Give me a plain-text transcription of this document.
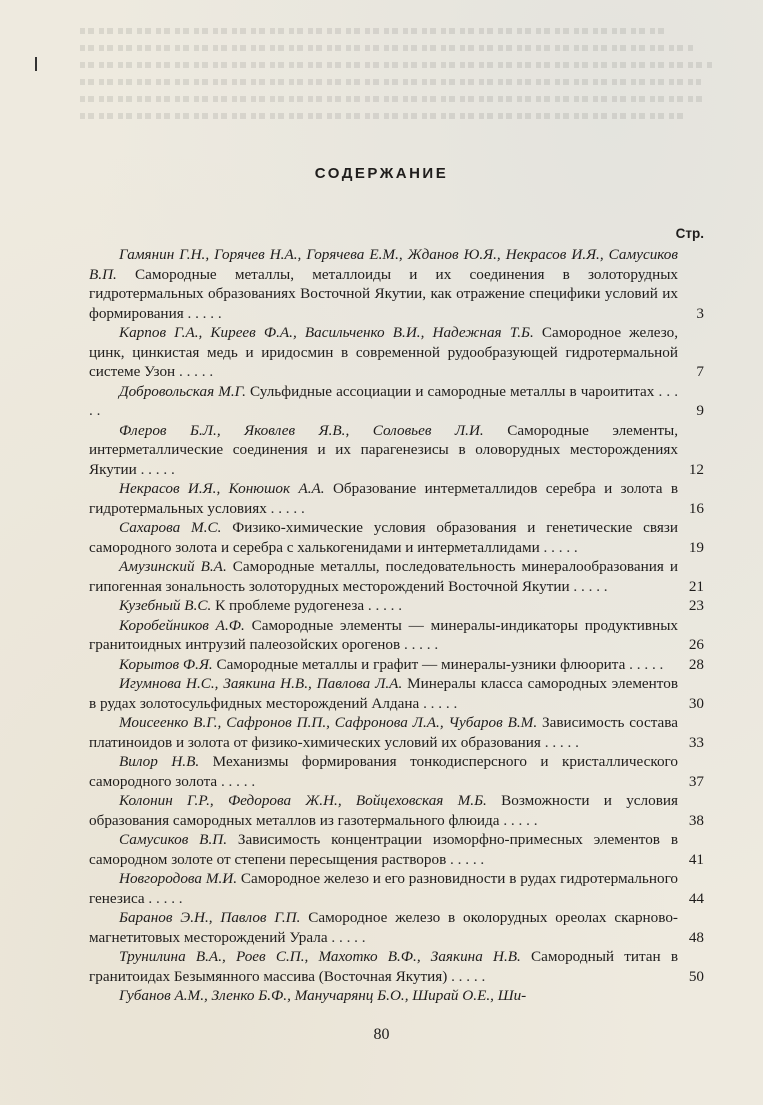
СОДЕРЖАНИЕ
Стр.
Гамянин Г.Н., Горячев Н.А., Горячева Е.М., Жданов Ю.Я., Некрасов И.Я., Самусиков В.П. Самородные металлы, металлоиды и их соединения в золоторудных гидротермальных образованиях Восточной Якутии, как отражение специфики условий их формирования . . . . .	3
Карпов Г.А., Киреев Ф.А., Васильченко В.И., Надежная Т.Б. Самородное железо, цинк, цинкистая медь и иридосмин в современной рудообразующей гидротермальной системе Узон . . . . .	7
Добровольская М.Г. Сульфидные ассоциации и самородные металлы в чароититах . . . . .	9
Флеров Б.Л., Яковлев Я.В., Соловьев Л.И. Самородные элементы, интерметаллические соединения и их парагенезисы в оловорудных месторождениях Якутии . . . . .	12
Некрасов И.Я., Конюшок А.А. Образование интерметаллидов серебра и золота в гидротермальных условиях . . . . .	16
Сахарова М.С. Физико-химические условия образования и генетические связи самородного золота и серебра с халькогенидами и интерметаллидами . . . . .	19
Амузинский В.А. Самородные металлы, последовательность минералообразования и гипогенная зональность золоторудных месторождений Восточной Якутии . . . . .	21
Кузебный В.С. К проблеме рудогенеза . . . . .	23
Коробейников А.Ф. Самородные элементы — минералы-индикаторы продуктивных гранитоидных интрузий палеозойских орогенов . . . . .	26
Корытов Ф.Я. Самородные металлы и графит — минералы-узники флюорита . . . . .	28
Игумнова Н.С., Заякина Н.В., Павлова Л.А. Минералы класса самородных элементов в рудах золотосульфидных месторождений Алдана . . . . .	30
Моисеенко В.Г., Сафронов П.П., Сафронова Л.А., Чубаров В.М. Зависимость состава платиноидов и золота от физико-химических условий их образования . . . . .	33
Вилор Н.В. Механизмы формирования тонкодисперсного и кристаллического самородного золота . . . . .	37
Колонин Г.Р., Федорова Ж.Н., Войцеховская М.Б. Возможности и условия образования самородных металлов из газотермального флюида . . . . .	38
Самусиков В.П. Зависимость концентрации изоморфно-примесных элементов в самородном золоте от степени пересыщения растворов . . . . .	41
Новгородова М.И. Самородное железо и его разновидности в рудах гидротермального генезиса . . . . .	44
Баранов Э.Н., Павлов Г.П. Самородное железо в околорудных ореолах скарново-магнетитовых месторождений Урала . . . . .	48
Трунилина В.А., Роев С.П., Махотко В.Ф., Заякина Н.В. Самородный титан в гранитоидах Безымянного массива (Восточная Якутия) . . . . .	50
Губанов А.М., Зленко Б.Ф., Манучарянц Б.О., Ширай О.Е., Ши-
80
